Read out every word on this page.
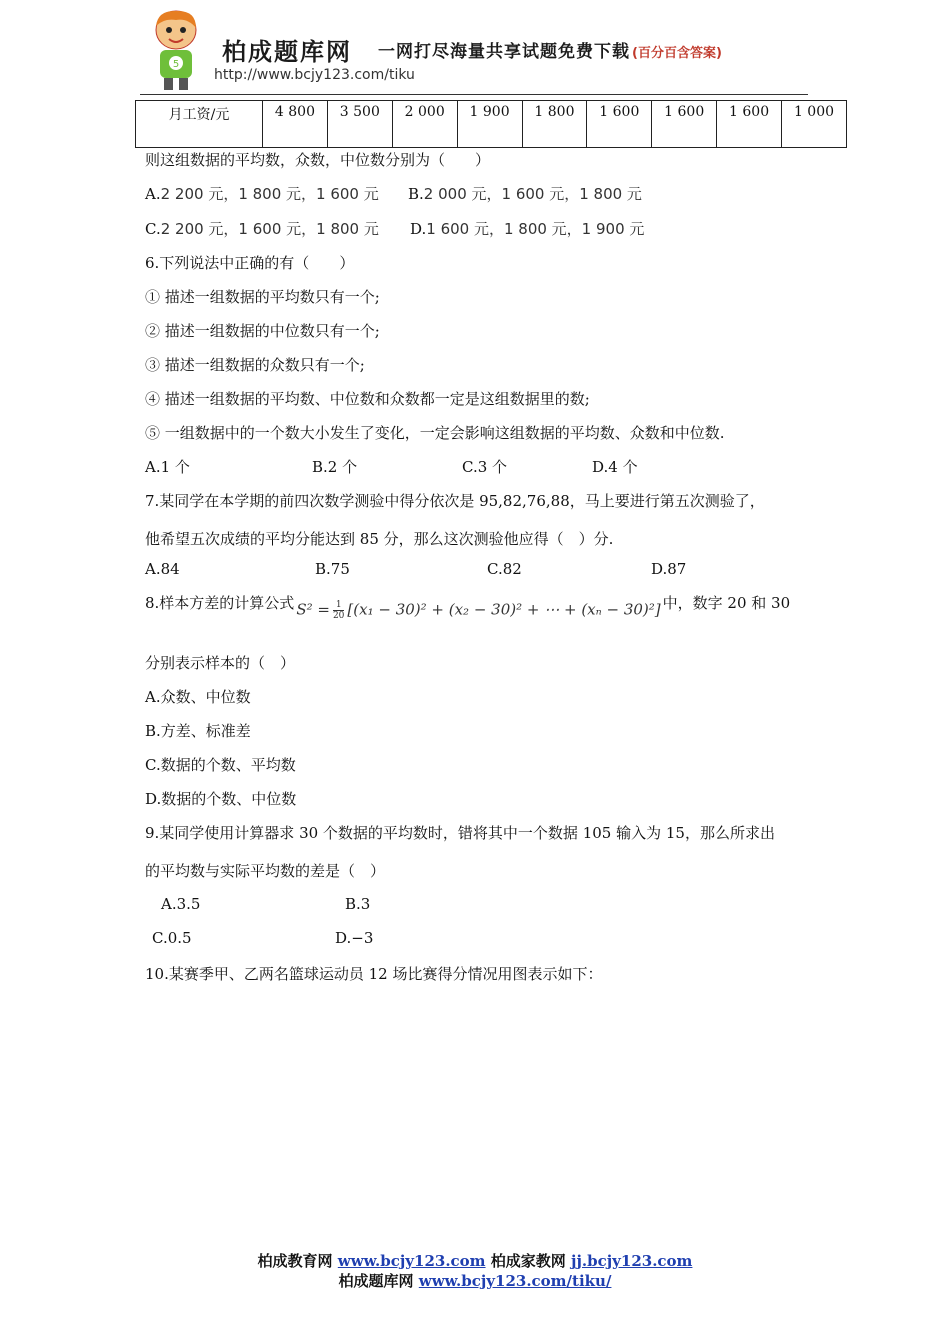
5 柏成题库网 一网打尽海量共享试题免费下载 (百分百含答案)
http://www.bcjy123.com/tiku
月工资/元	4 800	3 500	2 000	1 900	1 800	1 600	1 600	1 600	1 000
则这组数据的平均数，众数，中位数分别为（　　）
A.2 200 元，1 800 元，1 600 元 B.2 000 元，1 600 元，1 800 元
C.2 200 元，1 600 元，1 800 元 D.1 600 元，1 800 元，1 900 元
6.下列说法中正确的有（　　）
① 描述一组数据的平均数只有一个;
② 描述一组数据的中位数只有一个;
③ 描述一组数据的众数只有一个;
④ 描述一组数据的平均数、中位数和众数都一定是这组数据里的数;
⑤ 一组数据中的一个数大小发生了变化，一定会影响这组数据的平均数、众数和中位数.
A.1 个	B.2 个	C.3 个	D.4 个
7.某同学在本学期的前四次数学测验中得分依次是 95,82,76,88，马上要进行第五次测验了，
他希望五次成绩的平均分能达到 85 分，那么这次测验他应得（　）分.
A.84	B.75	C.82	D.87
8.样本方差的计算公式 $S^2 = \frac{1}{20} [(x_1 - 30)^2 + (x_2 - 30)^2$ + ⋯ + (xₙ − 30)²] 中，数字 20 和 30
分别表示样本的（　）
A.众数、中位数
B.方差、标准差
C.数据的个数、平均数
D.数据的个数、中位数
9.某同学使用计算器求 30 个数据的平均数时，错将其中一个数据 105 输入为 15，那么所求出
的平均数与实际平均数的差是（　）
A.3.5	B.3
C.0.5	D.−3
10.某赛季甲、乙两名篮球运动员 12 场比赛得分情况用图表示如下：
柏成教育网 www.bcjy123.com 柏成家教网 jj.bcjy123.com
柏成题库网 www.bcjy123.com/tiku/
